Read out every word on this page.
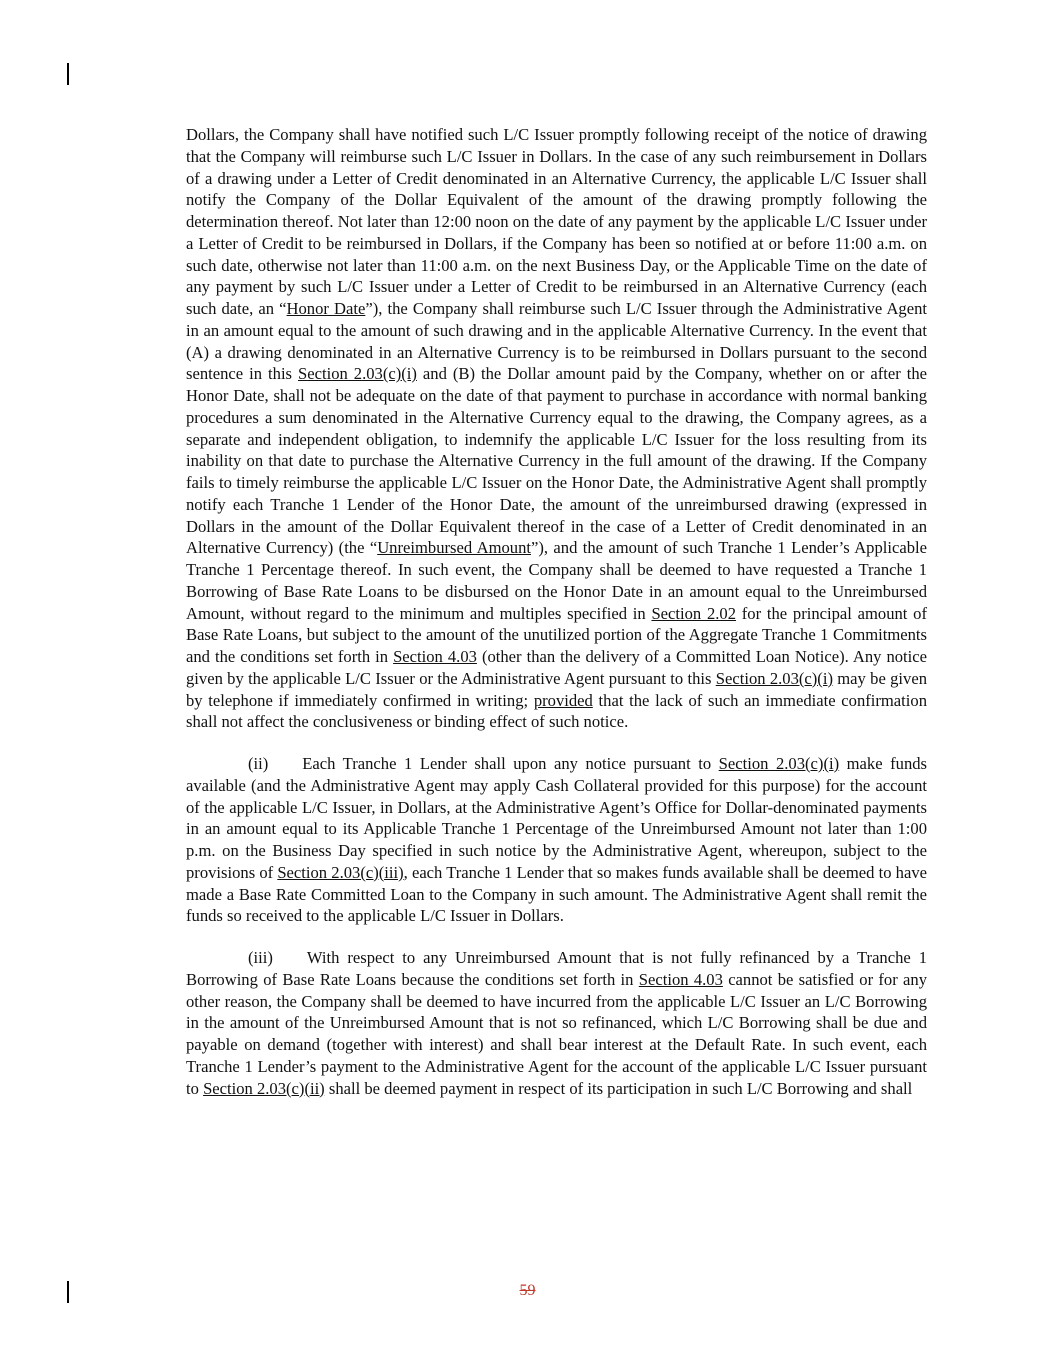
Dollars, the Company shall have notified such L/C Issuer promptly following receipt of the notice of drawing that the Company will reimburse such L/C Issuer in Dollars. In the case of any such reimbursement in Dollars of a drawing under a Letter of Credit denominated in an Alternative Currency, the applicable L/C Issuer shall notify the Company of the Dollar Equivalent of the amount of the drawing promptly following the determination thereof. Not later than 12:00 noon on the date of any payment by the applicable L/C Issuer under a Letter of Credit to be reimbursed in Dollars, if the Company has been so notified at or before 11:00 a.m. on such date, otherwise not later than 11:00 a.m. on the next Business Day, or the Applicable Time on the date of any payment by such L/C Issuer under a Letter of Credit to be reimbursed in an Alternative Currency (each such date, an “Honor Date”), the Company shall reimburse such L/C Issuer through the Administrative Agent in an amount equal to the amount of such drawing and in the applicable Alternative Currency. In the event that (A) a drawing denominated in an Alternative Currency is to be reimbursed in Dollars pursuant to the second sentence in this Section 2.03(c)(i) and (B) the Dollar amount paid by the Company, whether on or after the Honor Date, shall not be adequate on the date of that payment to purchase in accordance with normal banking procedures a sum denominated in the Alternative Currency equal to the drawing, the Company agrees, as a separate and independent obligation, to indemnify the applicable L/C Issuer for the loss resulting from its inability on that date to purchase the Alternative Currency in the full amount of the drawing. If the Company fails to timely reimburse the applicable L/C Issuer on the Honor Date, the Administrative Agent shall promptly notify each Tranche 1 Lender of the Honor Date, the amount of the unreimbursed drawing (expressed in Dollars in the amount of the Dollar Equivalent thereof in the case of a Letter of Credit denominated in an Alternative Currency) (the “Unreimbursed Amount”), and the amount of such Tranche 1 Lender’s Applicable Tranche 1 Percentage thereof. In such event, the Company shall be deemed to have requested a Tranche 1 Borrowing of Base Rate Loans to be disbursed on the Honor Date in an amount equal to the Unreimbursed Amount, without regard to the minimum and multiples specified in Section 2.02 for the principal amount of Base Rate Loans, but subject to the amount of the unutilized portion of the Aggregate Tranche 1 Commitments and the conditions set forth in Section 4.03 (other than the delivery of a Committed Loan Notice). Any notice given by the applicable L/C Issuer or the Administrative Agent pursuant to this Section 2.03(c)(i) may be given by telephone if immediately confirmed in writing; provided that the lack of such an immediate confirmation shall not affect the conclusiveness or binding effect of such notice.

(ii) Each Tranche 1 Lender shall upon any notice pursuant to Section 2.03(c)(i) make funds available (and the Administrative Agent may apply Cash Collateral provided for this purpose) for the account of the applicable L/C Issuer, in Dollars, at the Administrative Agent’s Office for Dollar-denominated payments in an amount equal to its Applicable Tranche 1 Percentage of the Unreimbursed Amount not later than 1:00 p.m. on the Business Day specified in such notice by the Administrative Agent, whereupon, subject to the provisions of Section 2.03(c)(iii), each Tranche 1 Lender that so makes funds available shall be deemed to have made a Base Rate Committed Loan to the Company in such amount. The Administrative Agent shall remit the funds so received to the applicable L/C Issuer in Dollars.

(iii) With respect to any Unreimbursed Amount that is not fully refinanced by a Tranche 1 Borrowing of Base Rate Loans because the conditions set forth in Section 4.03 cannot be satisfied or for any other reason, the Company shall be deemed to have incurred from the applicable L/C Issuer an L/C Borrowing in the amount of the Unreimbursed Amount that is not so refinanced, which L/C Borrowing shall be due and payable on demand (together with interest) and shall bear interest at the Default Rate. In such event, each Tranche 1 Lender’s payment to the Administrative Agent for the account of the applicable L/C Issuer pursuant to Section 2.03(c)(ii) shall be deemed payment in respect of its participation in such L/C Borrowing and shall

59
